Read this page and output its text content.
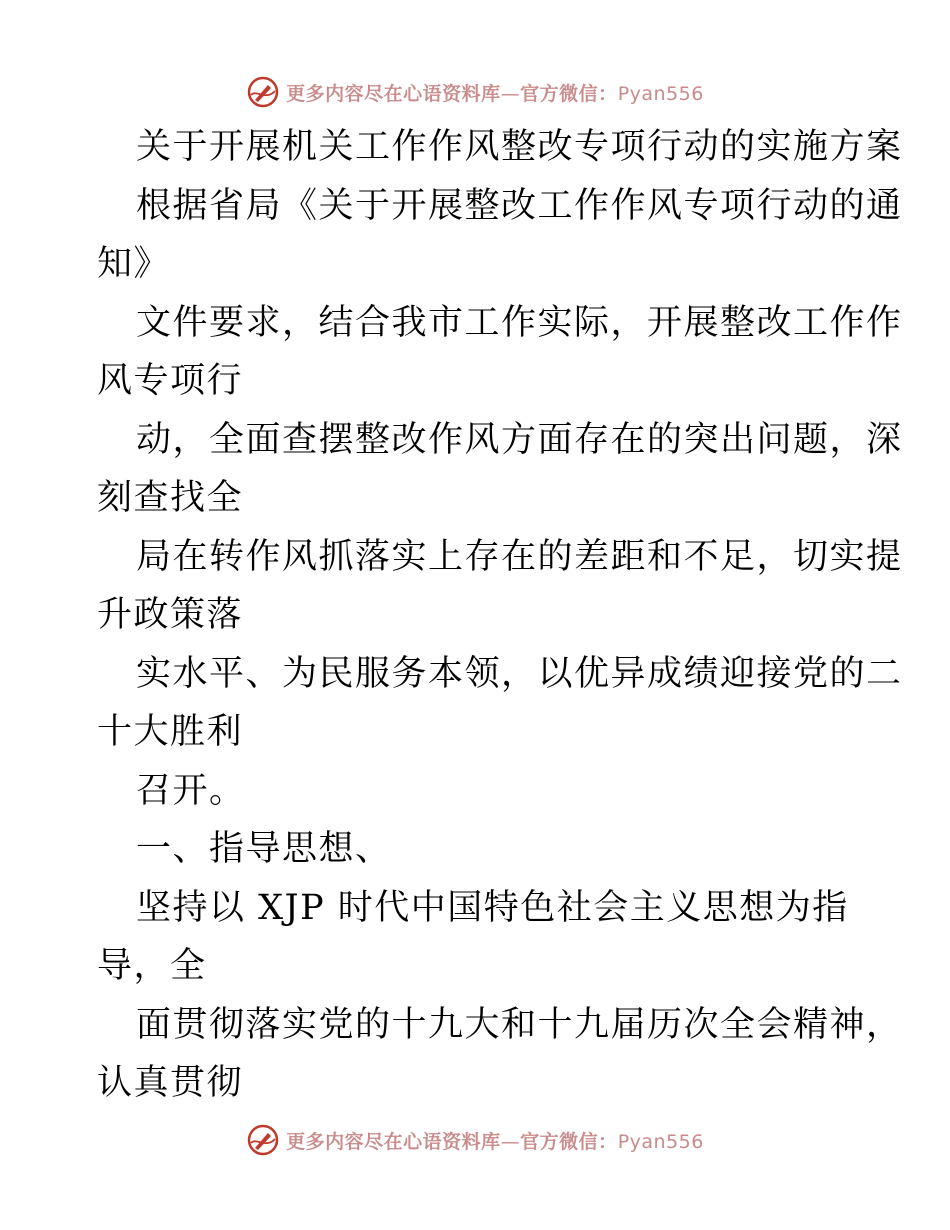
更多内容尽在心语资料库—官方微信：Pyan556
关于开展机关工作作风整改专项行动的实施方案
根据省局《关于开展整改工作作风专项行动的通
知》
文件要求，结合我市工作实际，开展整改工作作
风专项行
动，全面查摆整改作风方面存在的突出问题，深
刻查找全
局在转作风抓落实上存在的差距和不足，切实提
升政策落
实水平、为民服务本领，以优异成绩迎接党的二
十大胜利
召开。
一、指导思想、
坚持以 XJP 时代中国特色社会主义思想为指
导，全
面贯彻落实党的十九大和十九届历次全会精神，
认真贯彻
更多内容尽在心语资料库—官方微信：Pyan556
